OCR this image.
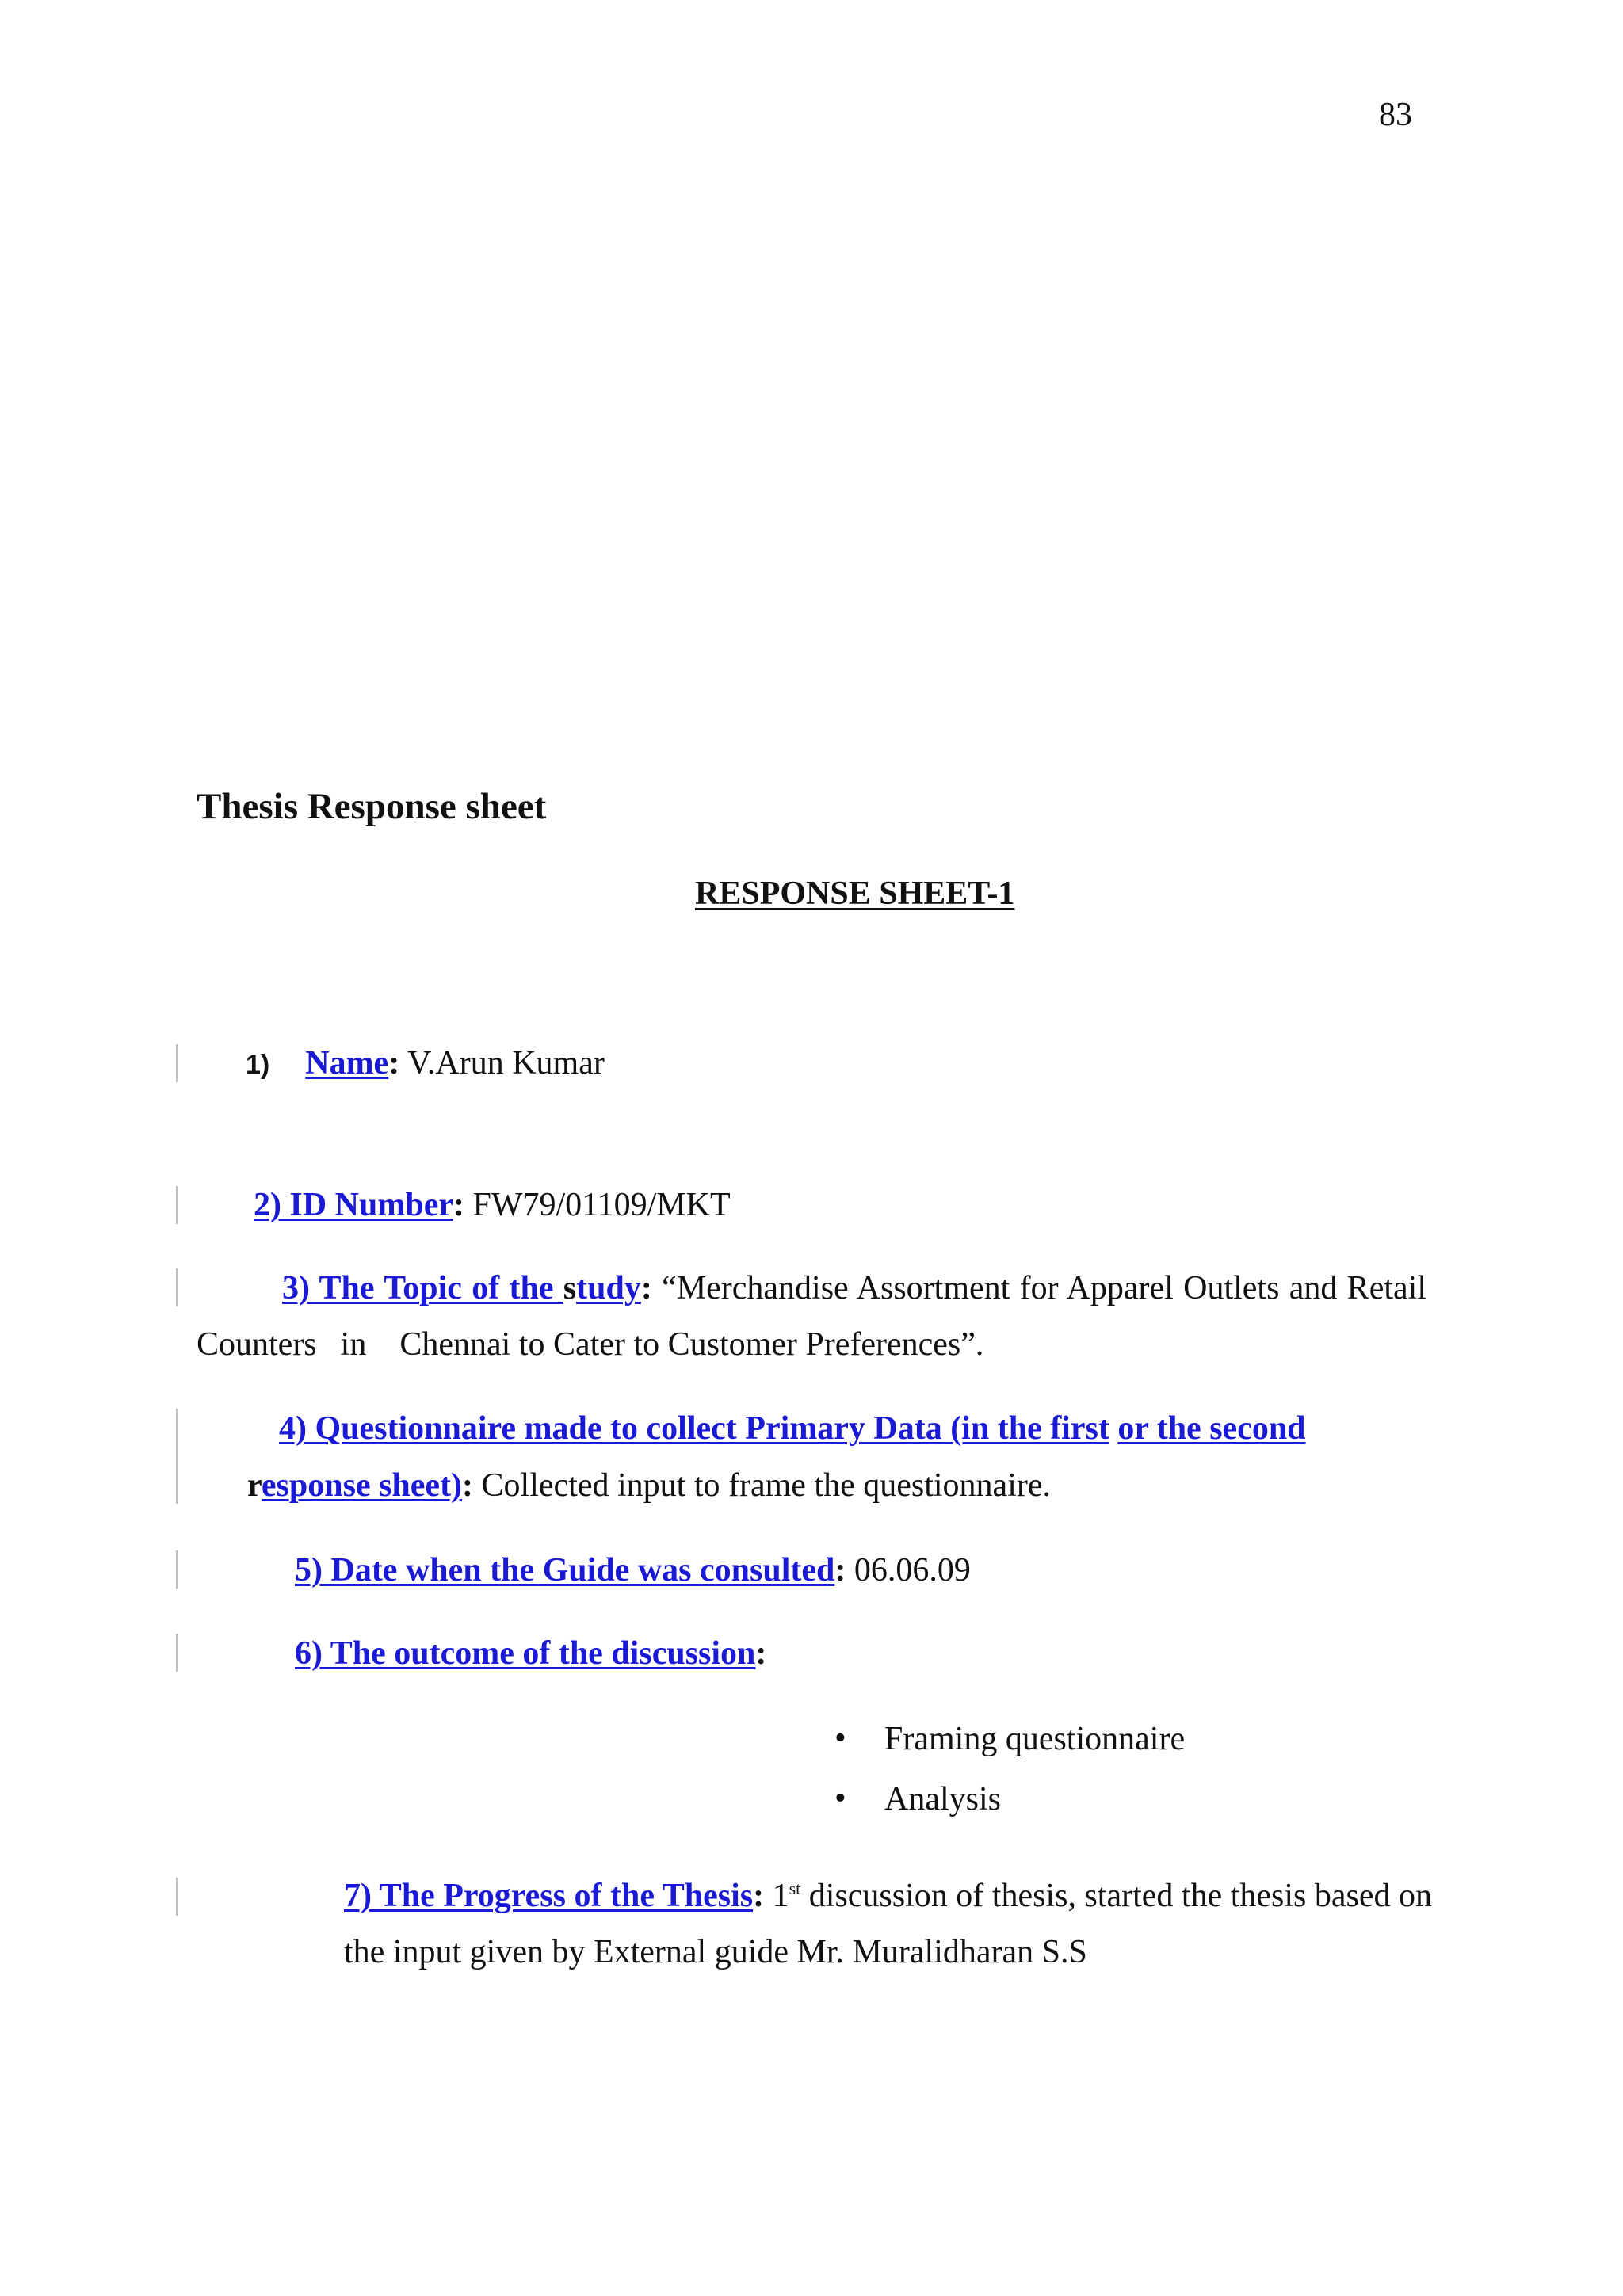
83
Thesis Response sheet
RESPONSE SHEET-1
1) Name: V.Arun Kumar
2) ID Number: FW79/01109/MKT
3) The Topic of the study: “Merchandise Assortment for Apparel Outlets and Retail
Counters in Chennai to Cater to Customer Preferences”.
4) Questionnaire made to collect Primary Data (in the first or the second
response sheet): Collected input to frame the questionnaire.
5) Date when the Guide was consulted: 06.06.09
6) The outcome of the discussion:
• Framing questionnaire
• Analysis
7) The Progress of the Thesis: 1st discussion of thesis, started the thesis based on
the input given by External guide Mr. Muralidharan S.S
